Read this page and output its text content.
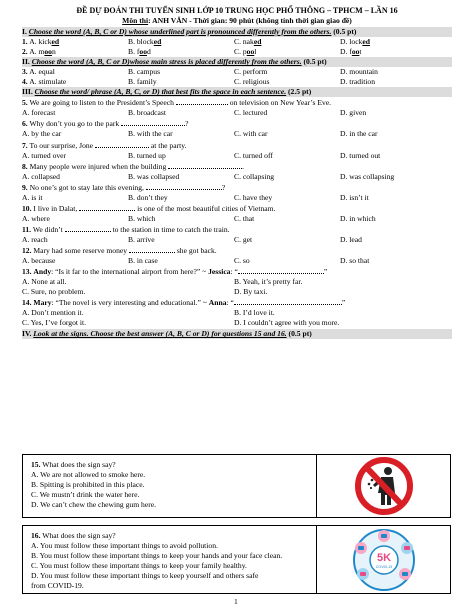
ĐỀ DỰ ĐOÁN THI TUYỂN SINH LỚP 10 TRUNG HỌC PHỔ THÔNG – TPHCM – LẦN 16
Môn thi: ANH VĂN - Thời gian: 90 phút (không tính thời gian giao đề)
I. Choose the word (A, B, C or D) whose underlined part is pronounced differently from the others. (0.5 pt)
1. A. kicked	B. blocked	C. naked	D. locked
2. A. moon	B. food	C. pool	D. foot
II. Choose the word (A, B, C or D)whose main stress is placed differently from the others. (0.5 pt)
3. A. equal	B. campus	C. perform	D. mountain
4. A. stimulate	B. family	C. religious	D. tradition
III. Choose the word/ phrase (A, B, C, or D) that best fits the space in each sentence. (2.5 pt)
5. We are going to listen to the President’s Speech	on television on New Year’s Eve.
A. forecast	B. broadcast	C. lectured	D. given
6. Why don’t you go to the park	?
A. by the car	B. with the car	C. with car	D. in the car
7. To our surprise, Jone	at the party.
A. turned over	B. turned up	C. turned off	D. turned out
8. Many people were injured when the building	.
A. collapsed	B. was collapsed	C. collapsing	D. was collapsing
9. No one’s got to stay late this evening,	?
A. is it	B. don’t they	C. have they	D. isn’t it
10. I live in Dalat,	is one of the most beautiful cities of Vietnam.
A. where	B. which	C. that	D. in which
11. We didn’t	to the station in time to catch the train.
A. reach	B. arrive	C. get	D. lead
12. Mary had some reserve money	she got back.
A. because	B. in case	C. so	D. so that
13. Andy: “Is it far to the international airport from here?” ~ Jessica: “	”
A. None at all.	B. Yeah, it’s pretty far.
C. Sure, no problem.	D. By taxi.
14. Mary: “The novel is very interesting and educational.” ~ Anna: “	”
A. Don’t mention it.	B. I’d love it.
C. Yes, I’ve forgot it.	D. I couldn’t agree with you more.
IV. Look at the signs. Choose the best answer (A, B, C or D) for questions 15 and 16. (0.5 pt)
15. What does the sign say?
A. We are not allowed to smoke here.
B. Spitting is prohibited in this place.
C. We mustn’t drink the water here.
D. We can’t chew the chewing gum here.
16. What does the sign say?
A. You must follow these important things to avoid pollution.
B. You must follow these important things to keep your hands and your face clean.
C. You must follow these important things to keep your family healthy.
D. You must follow these important things to keep yourself and others safe
from COVID-19.
5K
COVID-19
1
